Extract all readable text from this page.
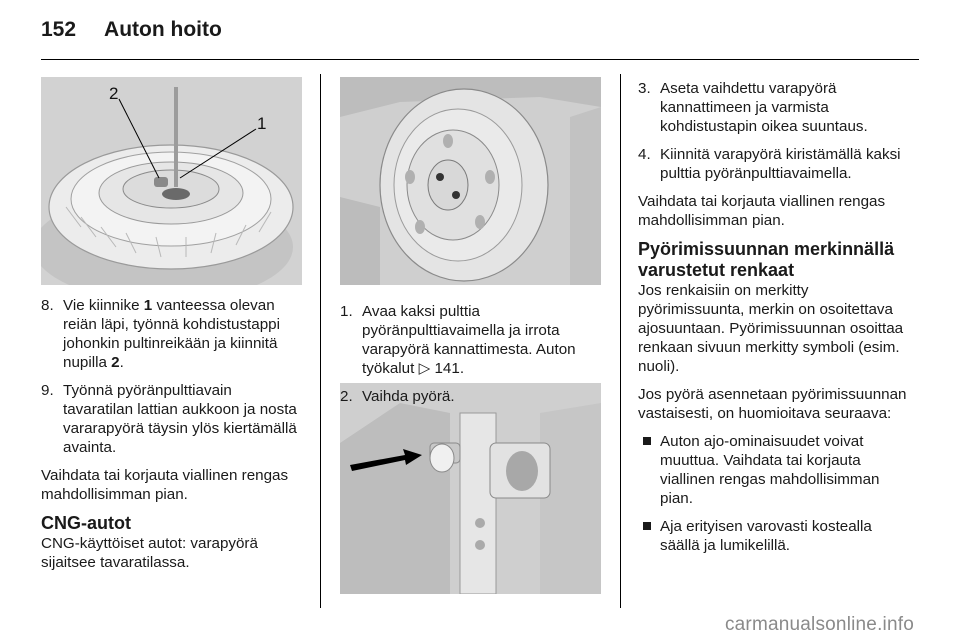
152 Auton hoito
2
1
8. Vie kiinnike 1 vanteessa olevan reiän läpi, työnnä kohdistustappi johonkin pultinreikään ja kiinnitä nupilla 2.
9. Työnnä pyöränpulttiavain tavaratilan lattian aukkoon ja nosta vararapyörä täysin ylös kiertämällä avainta.

Vaihdata tai korjauta viallinen rengas mahdollisimman pian.

CNG-autot

CNG-käyttöiset autot: varapyörä sijaitsee tavaratilassa.

1. Avaa kaksi pulttia pyöränpulttiavaimella ja irrota varapyörä kannattimesta. Auton työkalut ▷ 141.
2. Vaihda pyörä.
3. Aseta vaihdettu varapyörä kannattimeen ja varmista kohdistustapin oikea suuntaus.
4. Kiinnitä varapyörä kiristämällä kaksi pulttia pyöränpulttiavaimella.

Vaihdata tai korjauta viallinen rengas mahdollisimman pian.

Pyörimissuunnan merkinnällä varustetut renkaat

Jos renkaisiin on merkitty pyörimissuunta, merkin on osoitettava ajosuuntaan. Pyörimissuunnan osoittaa renkaan sivuun merkitty symboli (esim. nuoli).

Jos pyörä asennetaan pyörimissuunnan vastaisesti, on huomioitava seuraava:

Auton ajo-ominaisuudet voivat muuttua. Vaihdata tai korjauta viallinen rengas mahdollisimman pian.
Aja erityisen varovasti kostealla säällä ja lumikelillä.
carmanualsonline.info
